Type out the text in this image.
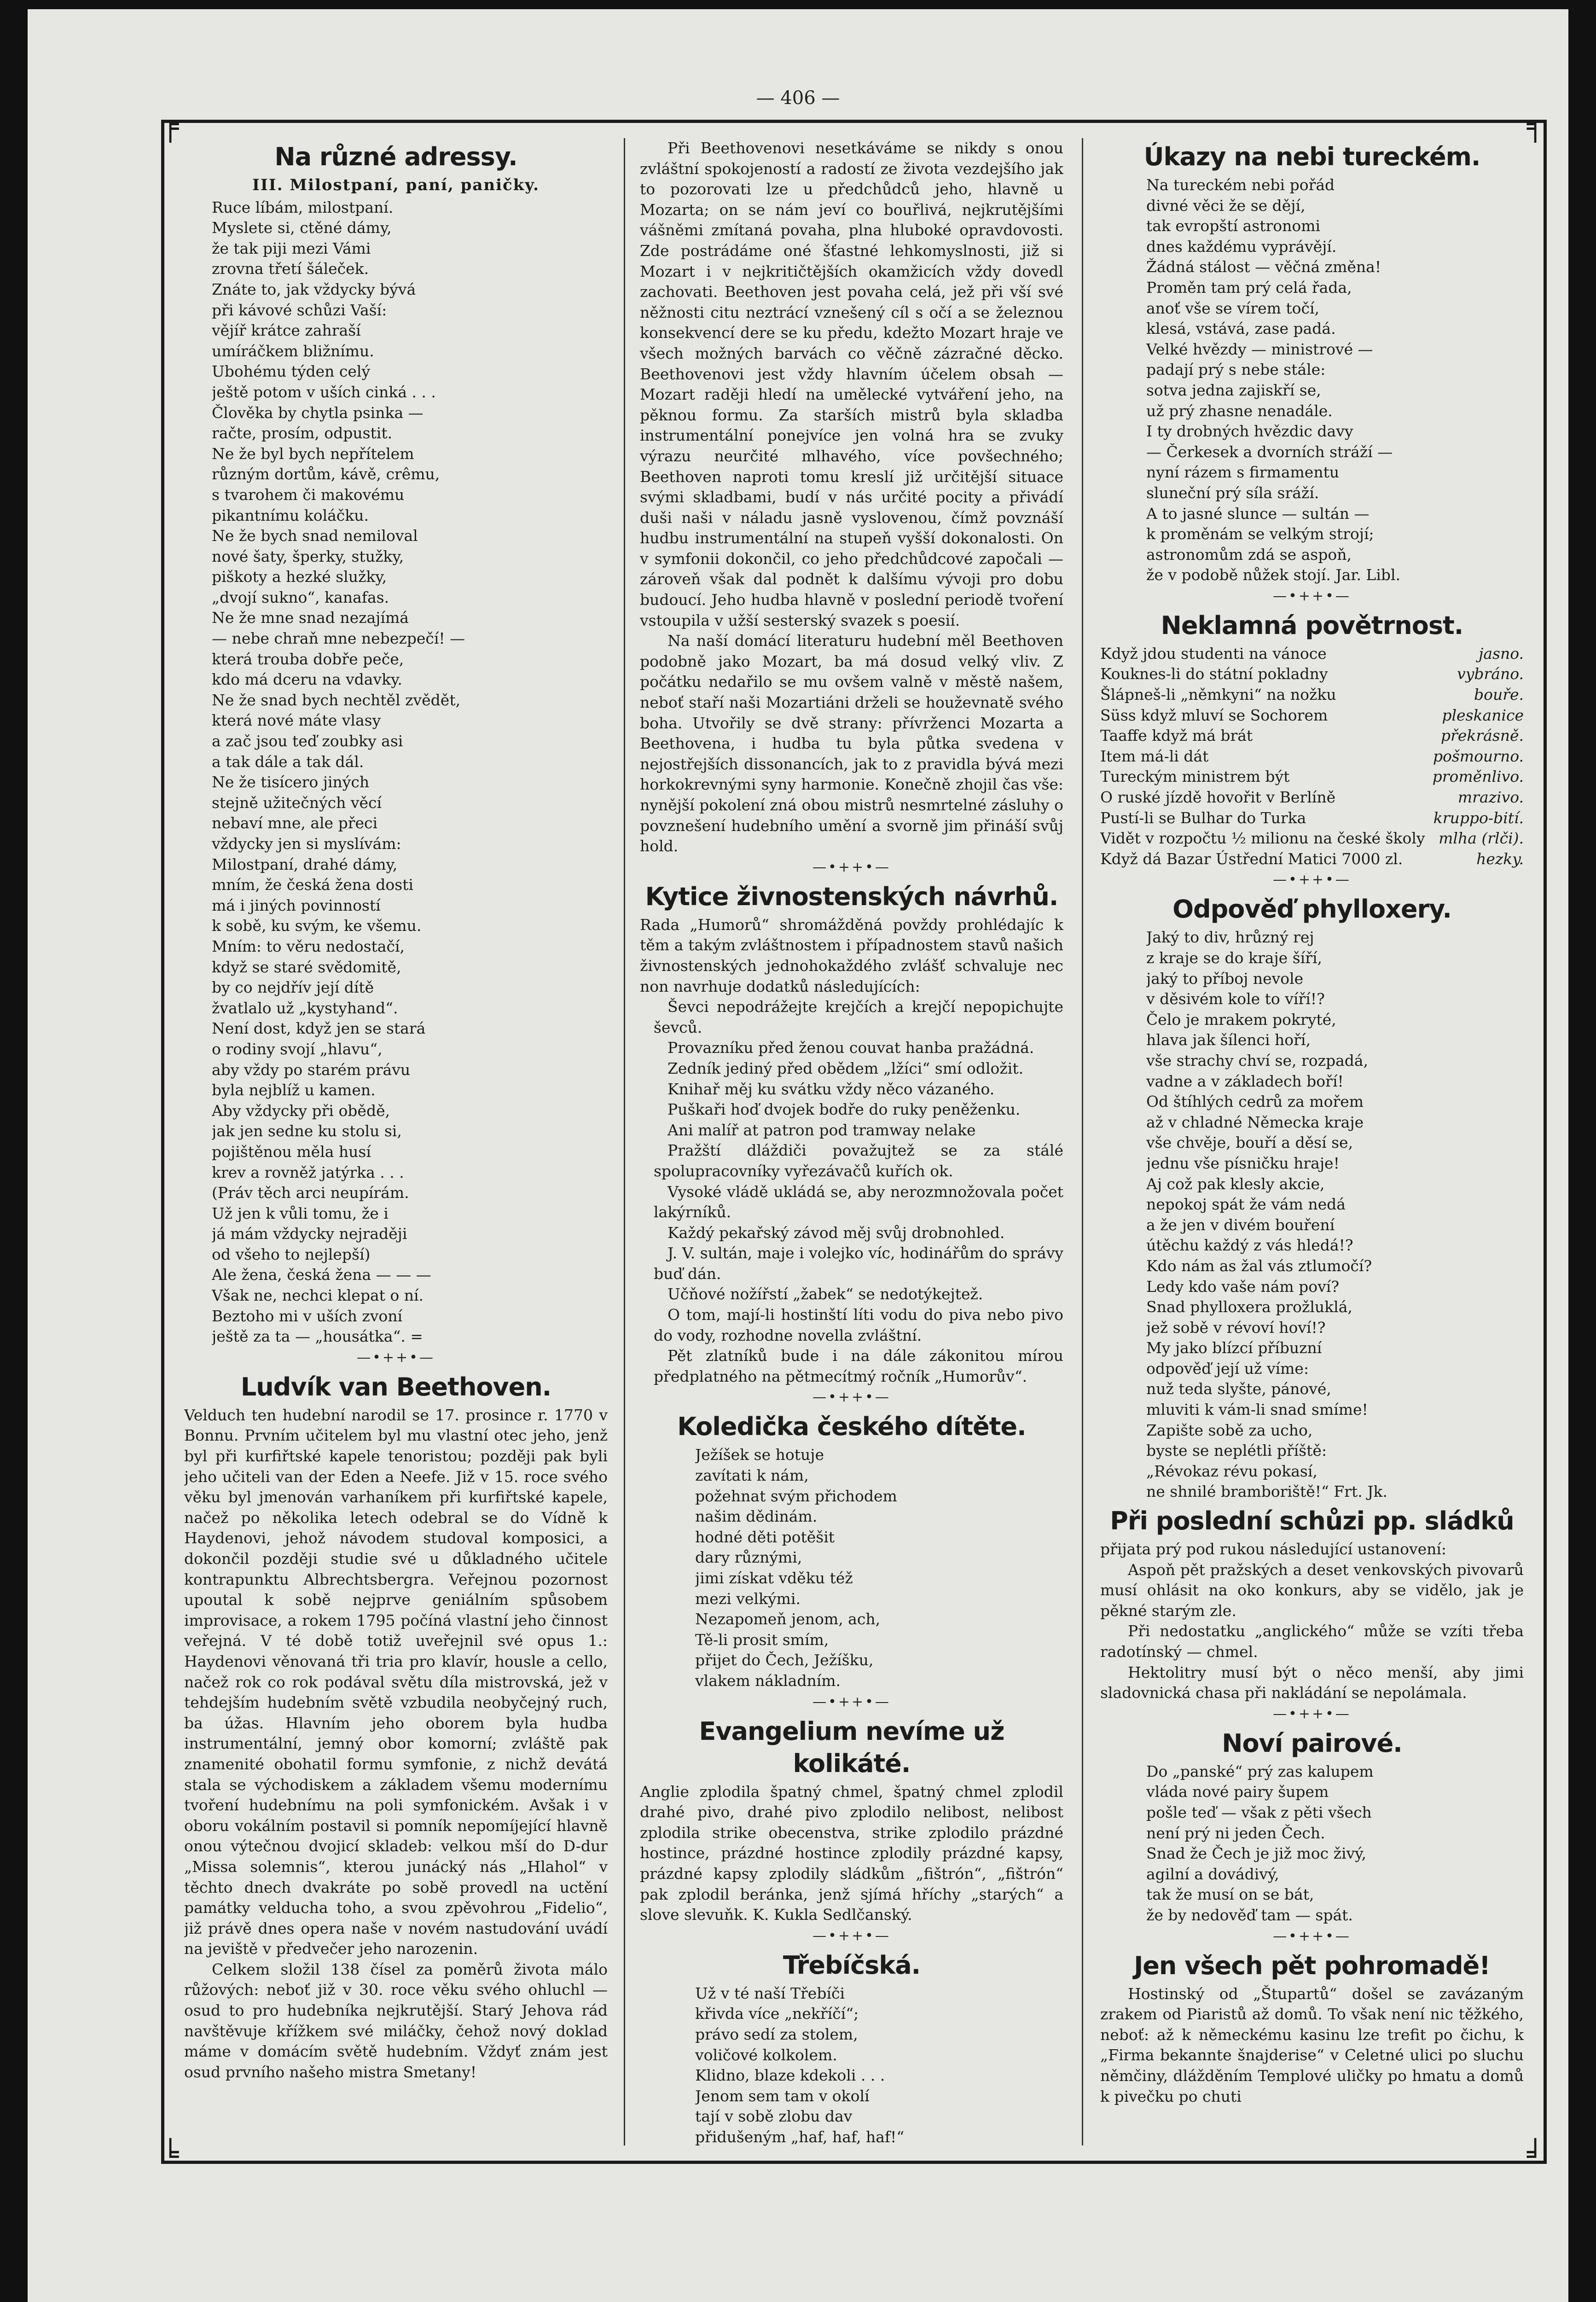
— 406 —
╒	╕
╘	╛
Na různé adressy.
III. Milostpaní, paní, paničky.
Ruce líbám, milostpaní.
Myslete si, ctěné dámy,
že tak piji mezi Vámi
zrovna třetí šáleček.
Znáte to, jak vždycky bývá
při kávové schůzi Vaší:
vějíř krátce zahraší
umíráčkem bližnímu.
Ubohému týden celý
ještě potom v uších cinká . . .
Člověka by chytla psinka —
račte, prosím, odpustit.
Ne že byl bych nepřítelem
různým dortům, kávě, crêmu,
s tvarohem či makovému
pikantnímu koláčku.
Ne že bych snad nemiloval
nové šaty, šperky, stužky,
piškoty a hezké služky,
„dvojí sukno“, kanafas.
Ne že mne snad nezajímá
— nebe chraň mne nebezpečí! —
která trouba dobře peče,
kdo má dceru na vdavky.
Ne že snad bych nechtěl zvědět,
která nové máte vlasy
a zač jsou teď zoubky asi
a tak dále a tak dál.
Ne že tisícero jiných
stejně užitečných věcí
nebaví mne, ale přeci
vždycky jen si myslívám:
Milostpaní, drahé dámy,
mním, že česká žena dosti
má i jiných povinností
k sobě, ku svým, ke všemu.
Mním: to věru nedostačí,
když se staré svědomitě,
by co nejdřív její dítě
žvatlalo už „kystyhand“.
Není dost, když jen se stará
o rodiny svojí „hlavu“,
aby vždy po starém právu
byla nejblíž u kamen.
Aby vždycky při obědě,
jak jen sedne ku stolu si,
pojištěnou měla husí
krev a rovněž jatýrka . . .
(Práv těch arci neupírám.
Už jen k vůli tomu, že i
já mám vždycky nejraději
od všeho to nejlepší)
Ale žena, česká žena — — —
Však ne, nechci klepat o ní.
Beztoho mi v uších zvoní
ještě za ta — „housátka“. =
—•++•—
Ludvík van Beethoven.
Velduch ten hudební narodil se 17. prosince r. 1770 v Bonnu. Prvním učitelem byl mu vlastní otec jeho, jenž byl při kurfiřtské kapele tenoristou; později pak byli jeho učiteli van der Eden a Neefe. Již v 15. roce svého věku byl jmenován varhaníkem při kurfiřtské kapele, načež po několika letech odebral se do Vídně k Haydenovi, jehož návodem studoval komposici, a dokončil později studie své u důkladného učitele kontrapunktu Albrechtsbergra. Veřejnou pozornost upoutal k sobě nejprve geniálním spůsobem improvisace, a rokem 1795 počíná vlastní jeho činnost veřejná. V té době totiž uveřejnil své opus 1.: Haydenovi věnovaná tři tria pro klavír, housle a cello, načež rok co rok podával světu díla mistrovská, jež v tehdejším hudebním světě vzbudila neobyčejný ruch, ba úžas. Hlavním jeho oborem byla hudba instrumentální, jemný obor komorní; zvláště pak znamenité obohatil formu symfonie, z nichž devátá stala se východiskem a základem všemu modernímu tvoření hudebnímu na poli symfonickém. Avšak i v oboru vokálním postavil si pomník nepomíjející hlavně onou výtečnou dvojicí skladeb: velkou mší do D-dur „Missa solemnis“, kterou junácký nás „Hlahol“ v těchto dnech dvakráte po sobě provedl na uctění památky velducha toho, a svou zpěvohrou „Fidelio“, již právě dnes opera naše v novém nastudování uvádí na jeviště v předvečer jeho narozenin.
Celkem složil 138 čísel za poměrů života málo růžových: neboť již v 30. roce věku svého ohluchl — osud to pro hudebníka nejkrutější. Starý Jehova rád navštěvuje křížkem své miláčky, čehož nový doklad máme v domácím světě hudebním. Vždyť znám jest osud prvního našeho mistra Smetany!
Při Beethovenovi nesetkáváme se nikdy s onou zvláštní spokojeností a radostí ze života vezdejšího jak to pozorovati lze u předchůdců jeho, hlavně u Mozarta; on se nám jeví co bouřlivá, nejkrutějšími vášněmi zmítaná povaha, plna hluboké opravdovosti. Zde postrádáme oné šťastné lehkomyslnosti, již si Mozart i v nejkritičtějších okamžicích vždy dovedl zachovati. Beethoven jest povaha celá, jež při vší své něžnosti citu neztrácí vznešený cíl s očí a se železnou konsekvencí dere se ku předu, kdežto Mozart hraje ve všech možných barvách co věčně zázračné děcko. Beethovenovi jest vždy hlavním účelem obsah — Mozart raději hledí na umělecké vytváření jeho, na pěknou formu. Za starších mistrů byla skladba instrumentální ponejvíce jen volná hra se zvuky výrazu neurčité mlhavého, více povšechného; Beethoven naproti tomu kreslí již určitější situace svými skladbami, budí v nás určité pocity a přivádí duši naši v náladu jasně vyslovenou, čímž povznáší hudbu instrumentální na stupeň vyšší dokonalosti. On v symfonii dokončil, co jeho předchůdcové započali — zároveň však dal podnět k dalšímu vývoji pro dobu budoucí. Jeho hudba hlavně v poslední periodě tvoření vstoupila v užší sesterský svazek s poesií.
Na naší domácí literaturu hudební měl Beethoven podobně jako Mozart, ba má dosud velký vliv. Z počátku nedařilo se mu ovšem valně v městě našem, neboť staří naši Mozartiáni drželi se houževnatě svého boha. Utvořily se dvě strany: přívrženci Mozarta a Beethovena, i hudba tu byla půtka svedena v nejostřejších dissonancích, jak to z pravidla bývá mezi horkokrevnými syny harmonie. Konečně zhojil čas vše: nynější pokolení zná obou mistrů nesmrtelné zásluhy o povznešení hudebního umění a svorně jim přináší svůj hold.
—•++•—
Kytice živnostenských návrhů.
Rada „Humorů“ shromážděná povždy prohlédajíc k těm a takým zvláštnostem i případnostem stavů našich živnostenských jednohokaždého zvlášť schvaluje nec non navrhuje dodatků následujících:
Ševci nepodrážejte krejčích a krejčí nepopichujte ševců.
Provazníku před ženou couvat hanba pražádná.
Zedník jediný před obědem „lžíci“ smí odložit.
Knihař měj ku svátku vždy něco vázaného.
Puškaři hoď dvojek bodře do ruky peněženku.
Ani malíř at patron pod tramway nelake
Pražští dláždiči považujtež se za stálé spolupracovníky vyřezávačů kuřích ok.
Vysoké vládě ukládá se, aby nerozmnožovala počet lakýrníků.
Každý pekařský závod měj svůj drobnohled.
J. V. sultán, maje i volejko víc, hodinářům do správy buď dán.
Učňové nožířstí „žabek“ se nedotýkejtež.
O tom, mají-li hostinští líti vodu do piva nebo pivo do vody, rozhodne novella zvláštní.
Pět zlatníků bude i na dále zákonitou mírou předplatného na pětmecítmý ročník „Humorův“.
—•++•—
Koledička českého dítěte.
Ježíšek se hotuje
zavítati k nám,
požehnat svým přichodem
našim dědinám.
hodné děti potěšit
dary různými,
jimi získat vděku též
mezi velkými.
Nezapomeň jenom, ach,
Tě-li prosit smím,
přijet do Čech, Ježíšku,
vlakem nákladním.
—•++•—
Evangelium nevíme už kolikáté.
Anglie zplodila špatný chmel, špatný chmel zplodil drahé pivo, drahé pivo zplodilo nelibost, nelibost zplodila strike obecenstva, strike zplodilo prázdné hostince, prázdné hostince zplodily prázdné kapsy, prázdné kapsy zplodily sládkům „fištrón“, „fištrón“ pak zplodil beránka, jenž sjímá hříchy „starých“ a slove slevuňk. K. Kukla Sedlčanský.
—•++•—
Třebíčská.
Už v té naší Třebíči
křivda více „nekříčí“;
právo sedí za stolem,
voličové kolkolem.
Klidno, blaze kdekoli . . .
Jenom sem tam v okolí
tají v sobě zlobu dav
přidušeným „haf, haf, haf!“
Úkazy na nebi tureckém.
Na tureckém nebi pořád
divné věci že se dějí,
tak evropští astronomi
dnes každému vyprávějí.
Žádná stálost — věčná změna!
Proměn tam prý celá řada,
anoť vše se vírem točí,
klesá, vstává, zase padá.
Velké hvězdy — ministrové —
padají prý s nebe stále:
sotva jedna zajiskří se,
už prý zhasne nenadále.
I ty drobných hvězdic davy
— Čerkesek a dvorních stráží —
nyní rázem s firmamentu
sluneční prý síla sráží.
A to jasné slunce — sultán —
k proměnám se velkým strojí;
astronomům zdá se aspoň,
že v podobě nůžek stojí. Jar. Libl.
—•++•—
Neklamná povětrnost.
Když jdou studenti na vánoce	jasno.
Kouknes-li do státní pokladny	vybráno.
Šlápneš-li „němkyni“ na nožku	bouře.
Süss když mluví se Sochorem	pleskanice
Taaffe když má brát	překrásně.
Item má-li dát	pošmourno.
Tureckým ministrem být	proměnlivo.
O ruské jízdě hovořit v Berlíně	mrazivo.
Pustí-li se Bulhar do Turka	kruppo-bití.
Vidět v rozpočtu ½ milionu na české školy mlha (rlči).
Když dá Bazar Ústřední Matici 7000 zl.	hezky.
—•++•—
Odpověď phylloxery.
Jaký to div, hrůzný rej
z kraje se do kraje šíří,
jaký to příboj nevole
v děsivém kole to víří!?
Čelo je mrakem pokryté,
hlava jak šílenci hoří,
vše strachy chví se, rozpadá,
vadne a v základech boří!
Od štíhlých cedrů za mořem
až v chladné Německa kraje
vše chvěje, bouří a děsí se,
jednu vše písničku hraje!
Aj což pak klesly akcie,
nepokoj spát že vám nedá
a že jen v divém bouření
útěchu každý z vás hledá!?
Kdo nám as žal vás ztlumočí?
Ledy kdo vaše nám poví?
Snad phylloxera prožluklá,
jež sobě v révoví hoví!?
My jako blízcí příbuzní
odpověď její už víme:
nuž teda slyšte, pánové,
mluviti k vám-li snad smíme!
Zapište sobě za ucho,
byste se neplétli příště:
„Révokaz révu pokasí,
ne shnilé bramboriště!“ Frt. Jk.
Při poslední schůzi pp. sládků
přijata prý pod rukou následující ustanovení:
Aspoň pět pražských a deset venkovských pivovarů musí ohlásit na oko konkurs, aby se vidělo, jak je pěkné starým zle.
Při nedostatku „anglického“ může se vzíti třeba radotínský — chmel.
Hektolitry musí být o něco menší, aby jimi sladovnická chasa při nakládání se nepolámala.
—•++•—
Noví pairové.
Do „panské“ prý zas kalupem
vláda nové pairy šupem
pošle teď — však z pěti všech
není prý ni jeden Čech.
Snad že Čech je již moc živý,
agilní a dovádivý,
tak že musí on se bát,
že by nedověď tam — spát.
—•++•—
Jen všech pět pohromadě!
Hostinský od „Štupartů“ došel se zavázaným zrakem od Piaristů až domů. To však není nic těžkého, neboť: až k německému kasinu lze trefit po čichu, k „Firma bekannte šnajderise“ v Celetné ulici po sluchu němčiny, dlážděním Templové uličky po hmatu a domů k pivečku po chuti
